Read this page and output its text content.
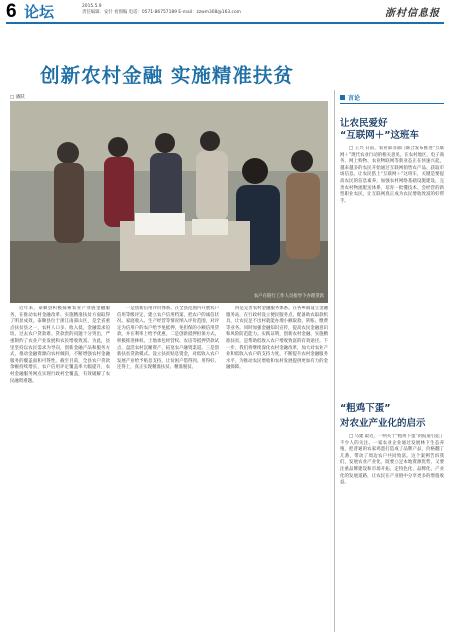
6 论坛	2015.5.9
责任编辑：安什 看图编 电话：0571-86757189 E-mail：zzwm308@163.com	浙村信息报
创新农村金融 实施精准扶贫
□ 潘跃
农户在银行工作人员指导下办理贷款
近年来，泰顺县积极探索农业产业链金融服务，在推动农村金融改革、实施精准扶贫方面取得了明显成效。泰顺县位于浙江南部山区，是全省重点扶贫县之一，农村人口多、收入低，金融需求迫切。过去农户贷款难、贷款贵的问题十分突出，严重制约了农业产业发展和农民增收致富。为此，县里坚持以农民需求为导向，创新金融产品和服务方式，推动金融资源向农村倾斜，不断增强农村金融服务的覆盖面和可得性。截至目前，全县农户贷款余额持续增长，农户信用评定覆盖率大幅提升，农村金融服务网点实现行政村全覆盖，有效破解了农民融资难题。
一是创新信用评价体系。在全县范围内开展农户信用等级评定，建立农户信用档案，把农户的诚信状况、家庭收入、生产经营等情况纳入评价范围，对评定为信用户的农户给予免抵押、免担保的小额信用贷款，并在利率上给予优惠。二是创新抵押担保方式。积极推进林权、土地承包经营权、农房等抵押贷款试点，盘活农村沉睡资产，拓宽农户融资渠道。三是创新扶贫贷款模式。设立扶贫贴息资金，对低收入农户发展产业给予贴息支持，让贫困户借得到、用得好、还得上，真正实现精准扶贫、精准脱贫。
四是完善农村金融服务体系。在各乡镇设立金融服务站，在行政村设立便民服务点，配备助农取款机具，让农民足不出村就能办理小额取款、转账、缴费等业务。同时加强金融知识宣传，提高农民金融意识和风险防范能力。实践证明，创新农村金融、实施精准扶贫，是帮助低收入农户增收致富的有效途径。下一步，我们将继续深化农村金融改革，加大对农业产业和低收入农户的支持力度，不断提升农村金融服务水平，为推动农民增收和农村发展提供更加有力的金融保障。
言论
让农民爱好
“互联网＋”这班车
□ 王兴 日前，农业部等部门联合发布推进“互联网＋”现代农业行动的相关意见。在农村地区，电子商务、网上购物、农业物联网等新业态正在快速兴起，越来越多的农民开始通过互联网销售农产品、获取市场信息。让农民搭上“互联网＋”这班车，关键是要提高农民的信息素养，加强农村网络基础设施建设，完善农村物流配送体系，培育一批懂技术、会经营的新型职业农民，让互联网真正成为农民增收致富的好帮手。
“粗鸡下蛋”
对农业产业化的启示
□ 马建 最近，一则关于“粗鸡下蛋”的报道引起了不少人的关注。一家农业企业通过发展林下生态养殖，把普通的农家鸡蛋打造成了品牌产品，价格翻了几番，带动了周边农户共同致富。这个案例告诉我们，发展农业产业化，既要立足本地资源优势，又要注重品牌建设和市场开拓，走特色化、品牌化、产业化的发展道路，让农民在产业链中分享更多的增值收益。
